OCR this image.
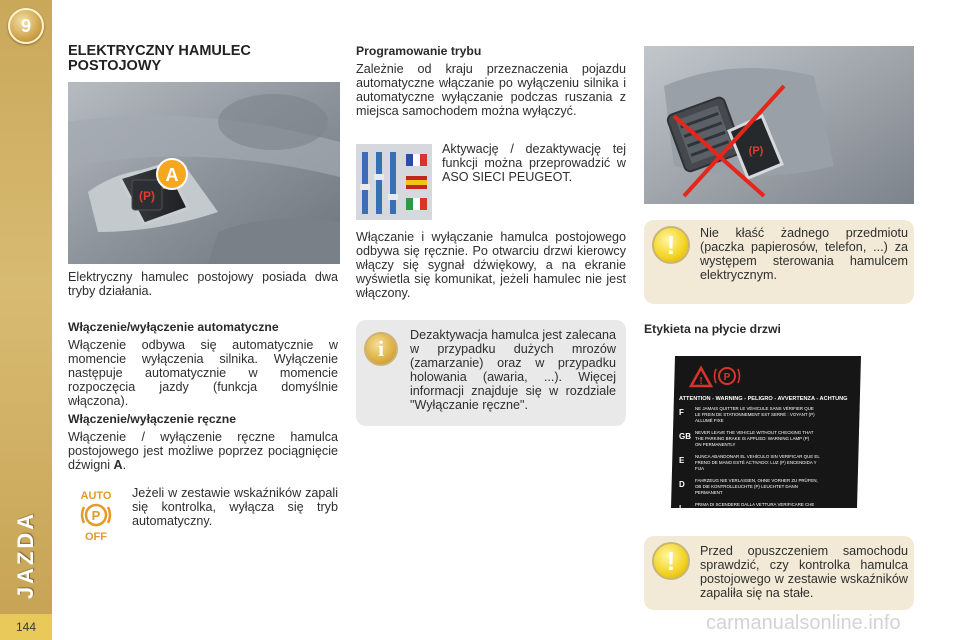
9
JAZDA
144
ELEKTRYCZNY HAMULEC POSTOJOWY
(P)
A
Elektryczny hamulec postojowy posiada dwa tryby działania.
Włączenie/wyłączenie automatyczne
Włączenie odbywa się automatycznie w momencie wyłączenia silnika. Wyłączenie następuje automatycznie w momencie rozpoczęcia jazdy (funkcja domyślnie włączona).
Włączenie/wyłączenie ręczne
Włączenie / wyłączenie ręczne hamulca postojowego jest możliwe poprzez pociągnięcie dźwigni A.
AUTO
P
OFF
Jeżeli w zestawie wskaźników zapali się kontrolka, wyłącza się tryb automatyczny.
Programowanie trybu
Zależnie od kraju przeznaczenia pojazdu automatyczne włączanie po wyłączeniu silnika i automatyczne wyłączanie podczas ruszania z miejsca samochodem można wyłączyć.
Aktywację / dezaktywację tej funkcji można przeprowadzić w ASO SIECI PEUGEOT.
Włączanie i wyłączanie hamulca postojowego odbywa się ręcznie. Po otwarciu drzwi kierowcy włączy się sygnał dźwiękowy, a na ekranie wyświetla się komunikat, jeżeli hamulec nie jest włączony.
i
Dezaktywacja hamulca jest zalecana w przypadku dużych mrozów (zamarzanie) oraz w przypadku holowania (awaria, ...). Więcej informacji znajduje się w rozdziale "Wyłączanie ręczne".
(P)
!	Nie kłaść żadnego przedmiotu (paczka papierosów, telefon, ...) za występem sterowania hamulcem elektrycznym.
Etykieta na płycie drzwi
! P
ATTENTION - WARNING - PELIGRO - AVVERTENZA - ACHTUNG
F	NE JAMAIS QUITTER LE VÉHICULE SANS VÉRIFIER QUE
LE FREIN DE STATIONNEMENT EST SERRÉ : VOYANT (P)
ALLUMÉ FIXE
GB NEVER LEAVE THE VEHICLE WITHOUT CHECKING THAT
THE PARKING BRAKE IS APPLIED: WARNING LAMP (P)
ON PERMANENTLY
E NUNCA ABANDONAR EL VEHÍCULO SIN VERIFICAR QUE EL
FRENO DE MANO ESTÉ ACTIVADO: LUZ (P) ENCENDIDA Y
FIJA
D FAHRZEUG NIE VERLASSEN, OHNE VORHER ZU PRÜFEN,
OB DIE KONTROLLEUCHTE (P) LEUCHTET DANN
PERMANENT
I	PRIMA DI SCENDERE DALLA VETTURA VERIFICARE CHE
IL FRENO DI STAZIONAMENTO SIA INSERITO: SPIA (P)
ACCESA FISSA
!	Przed opuszczeniem samochodu sprawdzić, czy kontrolka hamulca postojowego w zestawie wskaźników zapaliła się na stałe.
carmanualsonline.info
